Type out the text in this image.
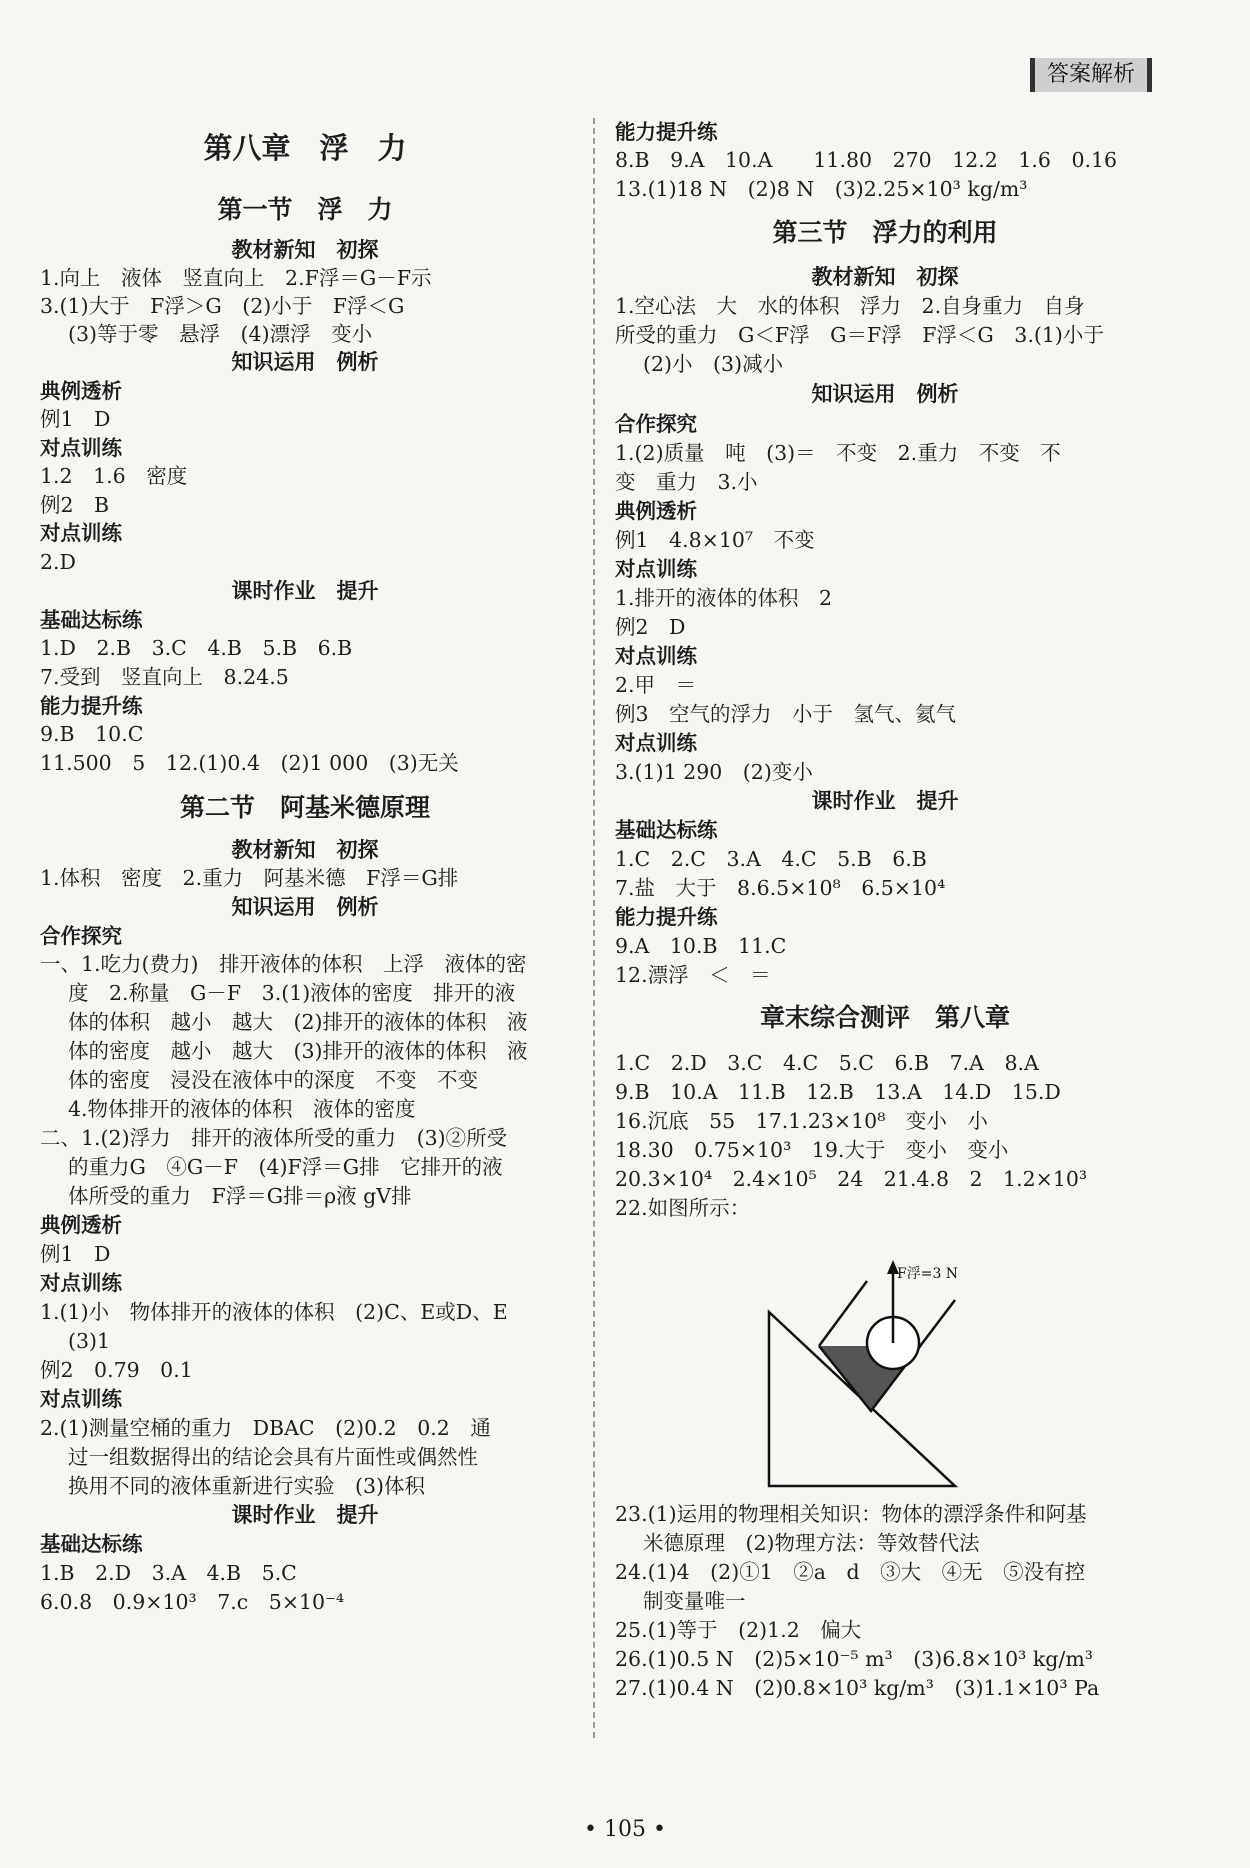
答案解析
第八章　浮　力
第一节　浮　力
教材新知　初探
1.向上　液体　竖直向上　2.F浮＝G－F示
3.(1)大于　F浮＞G　(2)小于　F浮＜G
(3)等于零　悬浮　(4)漂浮　变小
知识运用　例析
典例透析
例1　D
对点训练
1.2　1.6　密度
例2　B
对点训练
2.D
课时作业　提升
基础达标练
1.D　2.B　3.C　4.B　5.B　6.B
7.受到　竖直向上　8.24.5
能力提升练
9.B　10.C
11.500　5　12.(1)0.4　(2)1 000　(3)无关
第二节　阿基米德原理
教材新知　初探
1.体积　密度　2.重力　阿基米德　F浮＝G排
知识运用　例析
合作探究
一、1.吃力(费力)　排开液体的体积　上浮　液体的密
度　2.称量　G－F　3.(1)液体的密度　排开的液
体的体积　越小　越大　(2)排开的液体的体积　液
体的密度　越小　越大　(3)排开的液体的体积　液
体的密度　浸没在液体中的深度　不变　不变
4.物体排开的液体的体积　液体的密度
二、1.(2)浮力　排开的液体所受的重力　(3)②所受
的重力G　④G－F　(4)F浮＝G排　它排开的液
体所受的重力　F浮＝G排＝ρ液 gV排
典例透析
例1　D
对点训练
1.(1)小　物体排开的液体的体积　(2)C、E或D、E
(3)1
例2　0.79　0.1
对点训练
2.(1)测量空桶的重力　DBAC　(2)0.2　0.2　通
过一组数据得出的结论会具有片面性或偶然性
换用不同的液体重新进行实验　(3)体积
课时作业　提升
基础达标练
1.B　2.D　3.A　4.B　5.C
6.0.8　0.9×10³　7.c　5×10⁻⁴
能力提升练
8.B　9.A　10.A　　11.80　270　12.2　1.6　0.16
13.(1)18 N　(2)8 N　(3)2.25×10³ kg/m³
第三节　浮力的利用
教材新知　初探
1.空心法　大　水的体积　浮力　2.自身重力　自身
所受的重力　G＜F浮　G＝F浮　F浮＜G　3.(1)小于
(2)小　(3)减小
知识运用　例析
合作探究
1.(2)质量　吨　(3)＝　不变　2.重力　不变　不
变　重力　3.小
典例透析
例1　4.8×10⁷　不变
对点训练
1.排开的液体的体积　2
例2　D
对点训练
2.甲　＝
例3　空气的浮力　小于　氢气、氦气
对点训练
3.(1)1 290　(2)变小
课时作业　提升
基础达标练
1.C　2.C　3.A　4.C　5.B　6.B
7.盐　大于　8.6.5×10⁸　6.5×10⁴
能力提升练
9.A　10.B　11.C
12.漂浮　＜　＝
章末综合测评　第八章
1.C　2.D　3.C　4.C　5.C　6.B　7.A　8.A
9.B　10.A　11.B　12.B　13.A　14.D　15.D
16.沉底　55　17.1.23×10⁸　变小　小
18.30　0.75×10³　19.大于　变小　变小
20.3×10⁴　2.4×10⁵　24　21.4.8　2　1.2×10³
22.如图所示：
F浮=3 N
23.(1)运用的物理相关知识：物体的漂浮条件和阿基
米德原理　(2)物理方法：等效替代法
24.(1)4　(2)①1　②a　d　③大　④无　⑤没有控
制变量唯一
25.(1)等于　(2)1.2　偏大
26.(1)0.5 N　(2)5×10⁻⁵ m³　(3)6.8×10³ kg/m³
27.(1)0.4 N　(2)0.8×10³ kg/m³　(3)1.1×10³ Pa
• 105 •
